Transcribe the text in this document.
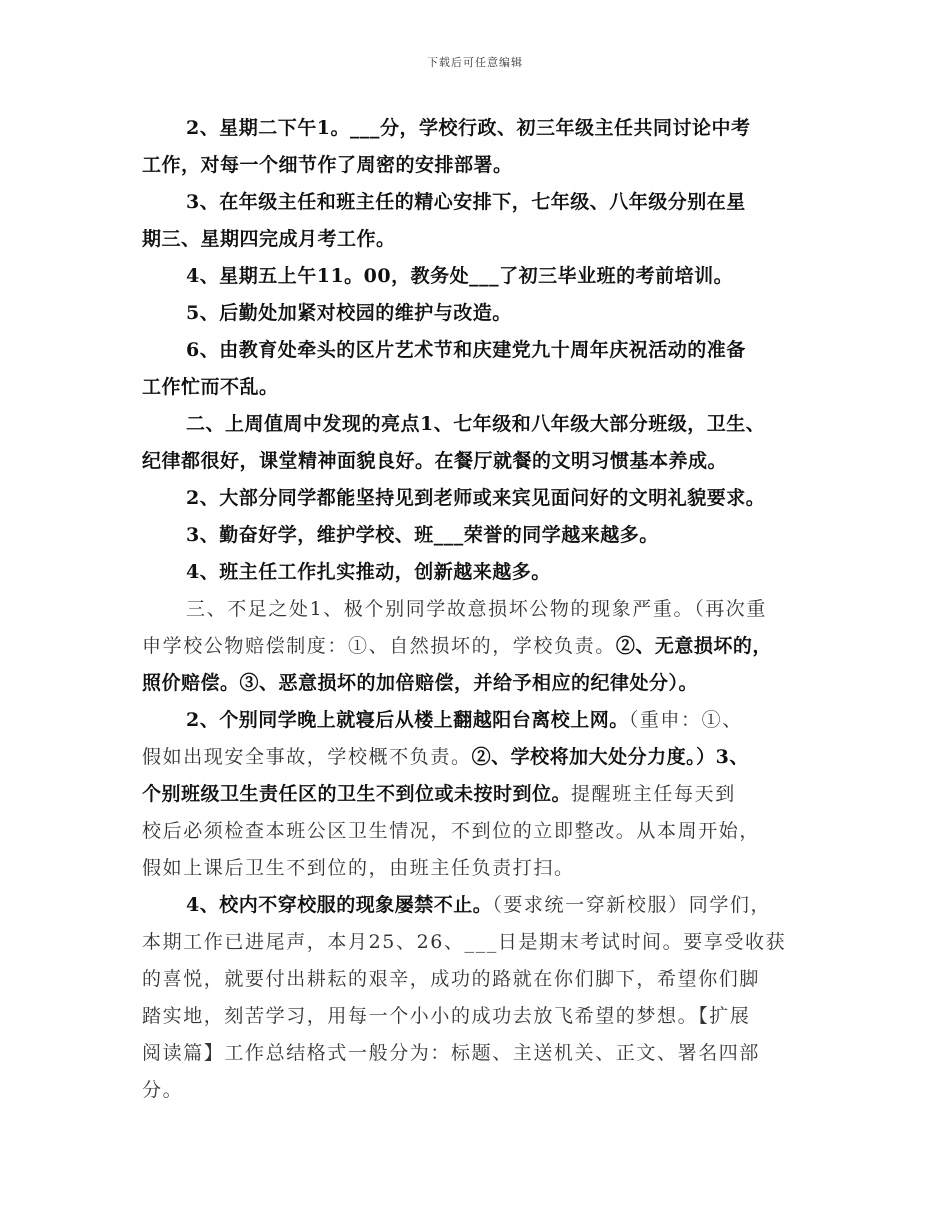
下载后可任意编辑
2、星期二下午1。___分，学校行政、初三年级主任共同讨论中考
工作，对每一个细节作了周密的安排部署。
3、在年级主任和班主任的精心安排下，七年级、八年级分别在星
期三、星期四完成月考工作。
4、星期五上午11。00，教务处___了初三毕业班的考前培训。
5、后勤处加紧对校园的维护与改造。
6、由教育处牵头的区片艺术节和庆建党九十周年庆祝活动的准备
工作忙而不乱。
二、上周值周中发现的亮点1、七年级和八年级大部分班级，卫生、
纪律都很好，课堂精神面貌良好。在餐厅就餐的文明习惯基本养成。
2、大部分同学都能坚持见到老师或来宾见面问好的文明礼貌要求。
3、勤奋好学，维护学校、班___荣誉的同学越来越多。
4、班主任工作扎实推动，创新越来越多。
三、不足之处1、极个别同学故意损坏公物的现象严重。（再次重
申学校公物赔偿制度：①、自然损坏的，学校负责。②、无意损坏的，
照价赔偿。③、恶意损坏的加倍赔偿，并给予相应的纪律处分）。
2、个别同学晚上就寝后从楼上翻越阳台离校上网。（重申：①、
假如出现安全事故，学校概不负责。②、学校将加大处分力度。）3、
个别班级卫生责任区的卫生不到位或未按时到位。提醒班主任每天到
校后必须检查本班公区卫生情况，不到位的立即整改。从本周开始，
假如上课后卫生不到位的，由班主任负责打扫。
4、校内不穿校服的现象屡禁不止。（要求统一穿新校服）同学们，
本期工作已进尾声，本月25、26、___日是期末考试时间。要享受收获
的喜悦，就要付出耕耘的艰辛，成功的路就在你们脚下，希望你们脚
踏实地，刻苦学习，用每一个小小的成功去放飞希望的梦想。【扩展
阅读篇】工作总结格式一般分为：标题、主送机关、正文、署名四部
分。
